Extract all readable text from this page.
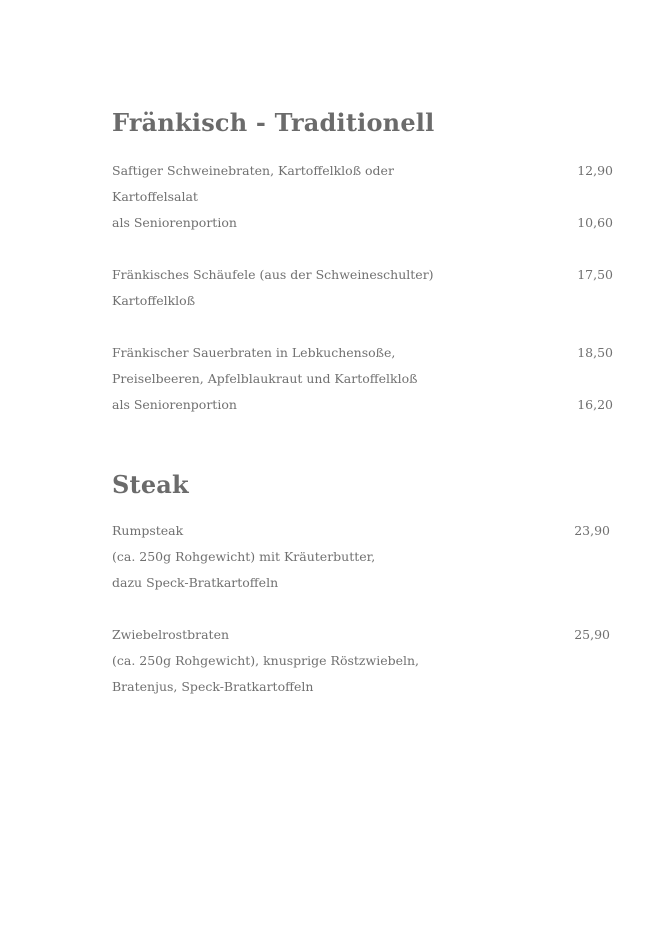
Fränkisch - Traditionell
Saftiger Schweinebraten, Kartoffelkloß oder	12,90
Kartoffelsalat
als Seniorenportion	10,60
Fränkisches Schäufele (aus der Schweineschulter)	17,50
Kartoffelkloß
Fränkischer Sauerbraten in Lebkuchensoße,	18,50
Preiselbeeren, Apfelblaukraut und Kartoffelkloß
als Seniorenportion	16,20
Steak
Rumpsteak	23,90
(ca. 250g Rohgewicht) mit Kräuterbutter,
dazu Speck-Bratkartoffeln
Zwiebelrostbraten	25,90
(ca. 250g Rohgewicht), knusprige Röstzwiebeln,
Bratenjus, Speck-Bratkartoffeln
